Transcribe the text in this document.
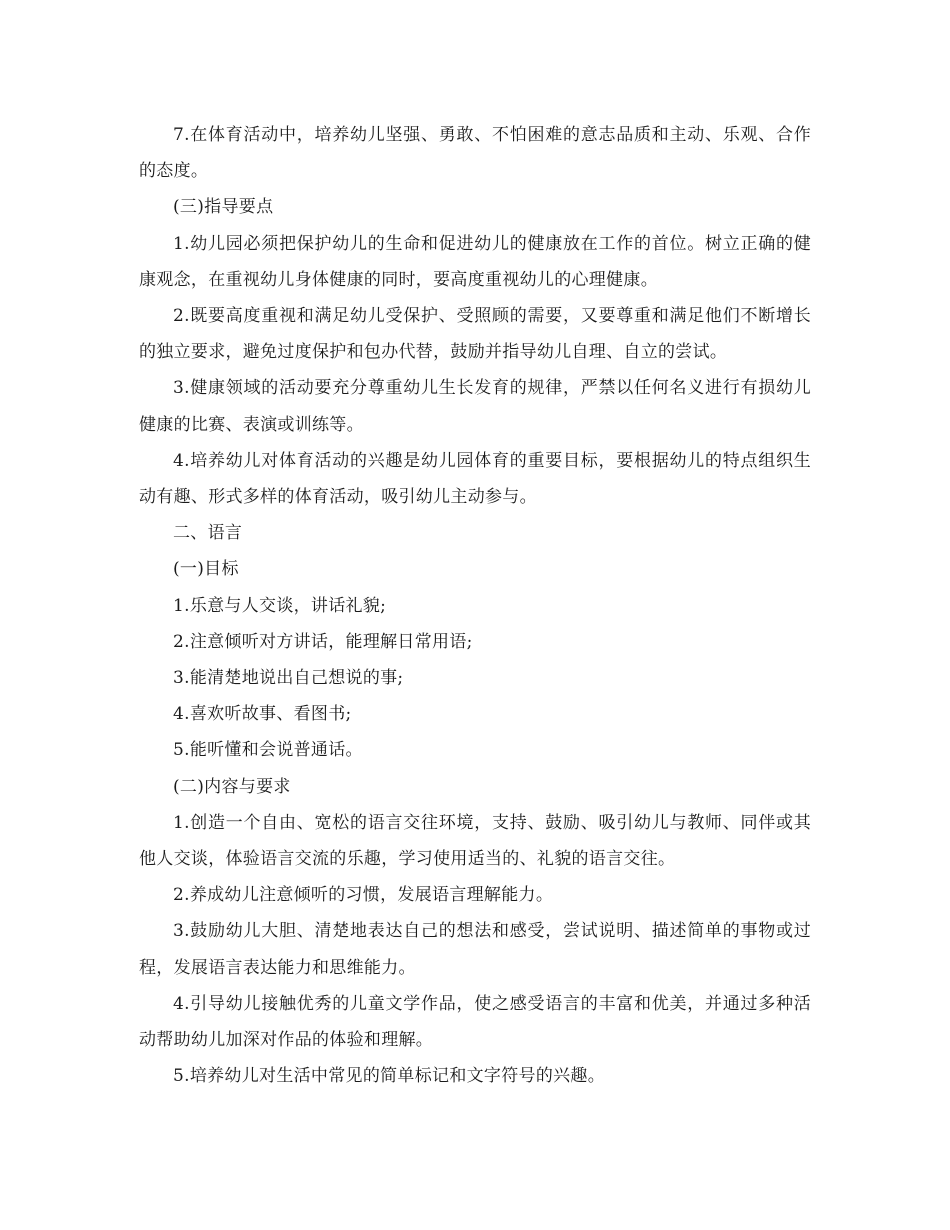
7.在体育活动中，培养幼儿坚强、勇敢、不怕困难的意志品质和主动、乐观、合作的态度。

(三)指导要点

1.幼儿园必须把保护幼儿的生命和促进幼儿的健康放在工作的首位。树立正确的健康观念，在重视幼儿身体健康的同时，要高度重视幼儿的心理健康。

2.既要高度重视和满足幼儿受保护、受照顾的需要，又要尊重和满足他们不断增长的独立要求，避免过度保护和包办代替，鼓励并指导幼儿自理、自立的尝试。

3.健康领域的活动要充分尊重幼儿生长发育的规律，严禁以任何名义进行有损幼儿健康的比赛、表演或训练等。

4.培养幼儿对体育活动的兴趣是幼儿园体育的重要目标，要根据幼儿的特点组织生动有趣、形式多样的体育活动，吸引幼儿主动参与。

二、语言

(一)目标

1.乐意与人交谈，讲话礼貌;

2.注意倾听对方讲话，能理解日常用语;

3.能清楚地说出自己想说的事;

4.喜欢听故事、看图书;

5.能听懂和会说普通话。

(二)内容与要求

1.创造一个自由、宽松的语言交往环境，支持、鼓励、吸引幼儿与教师、同伴或其他人交谈，体验语言交流的乐趣，学习使用适当的、礼貌的语言交往。

2.养成幼儿注意倾听的习惯，发展语言理解能力。

3.鼓励幼儿大胆、清楚地表达自己的想法和感受，尝试说明、描述简单的事物或过程，发展语言表达能力和思维能力。

4.引导幼儿接触优秀的儿童文学作品，使之感受语言的丰富和优美，并通过多种活动帮助幼儿加深对作品的体验和理解。

5.培养幼儿对生活中常见的简单标记和文字符号的兴趣。
